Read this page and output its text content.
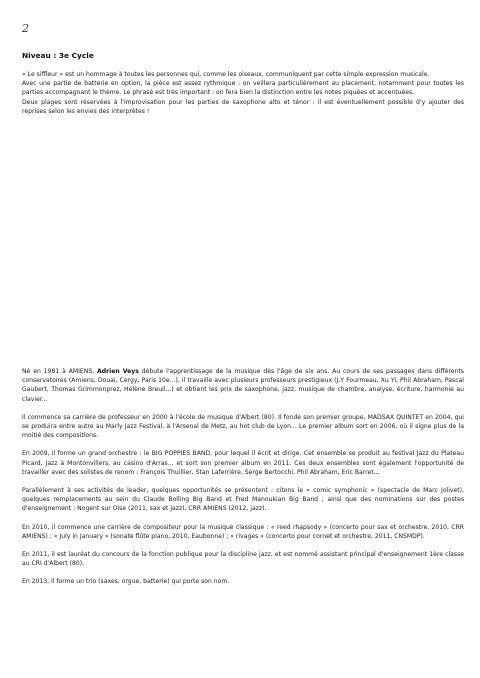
2
Niveau : 3e Cycle

« Le siffleur » est un hommage à toutes les personnes qui, comme les oiseaux, communiquent par cette simple expression musicale.

Avec une partie de batterie en option, la pièce est assez rythmique : on veillera particulièrement au placement, notamment pour toutes les parties accompagnant le thème. Le phrasé est très important : on fera bien la distinction entre les notes piquées et accentuées.

Deux plages sont réservées à l'improvisation pour les parties de saxophone alto et ténor : il est éventuellement possible d'y ajouter des reprises selon les envies des interprètes !

Né en 1981 à AMIENS, Adrien Veys débute l'apprentissage de la musique dès l'âge de six ans. Au cours de ses passages dans différents conservatoires (Amiens, Douai, Cergy, Paris 10e...), il travaille avec plusieurs professeurs prestigieux (J.Y Fourmeau, Xu Yi, Phil Abraham, Pascal Gaubert, Thomas Grimmonprez, Hélène Breuil...) et obtient les prix de saxophone, jazz, musique de chambre, analyse, écriture, harmonie au clavier...

Il commence sa carrière de professeur en 2000 à l'école de musique d'Albert (80). Il fonde son premier groupe, MADSAX QUINTET en 2004, qui se produira entre autre au Marly Jazz Festival, à l'Arsenal de Metz, au hot club de Lyon... Le premier album sort en 2006, où il signe plus de la moitié des compositions.

En 2009, il forme un grand orchestre : le BIG POPPIES BAND, pour lequel il écrit et dirige. Cet ensemble se produit au festival Jazz du Plateau Picard, Jazz à Montonvillers, au casino d'Arras... et sort son premier album en 2011. Ces deux ensembles sont également l'opportunité de travailler avec des solistes de renom : François Thuillier, Stan Laferrière, Serge Bertocchi, Phil Abraham, Eric Barret...

Parallèlement à ses activités de leader, quelques opportunités se présentent : citons le « comic symphonic » (spectacle de Marc Jolivet), quelques remplacements au sein du Claude Bolling Big Band et Fred Manoukian Big Band ; ainsi que des nominations sur des postes d'enseignement : Nogent sur Oise (2011, sax et jazz), CRR AMIENS (2012, jazz).

En 2010, il commence une carrière de compositeur pour la musique classique : « reed rhapsody » (concerto pour sax et orchestre, 2010, CRR AMIENS) ; « July in January » (sonate flûte piano, 2010, Eaubonne) ; « rivages » (concerto pour cornet et orchestre, 2011, CNSMDP).

En 2011, il est lauréat du concours de la fonction publique pour la discipline jazz, et est nommé assistant principal d'enseignement 1ère classe au CRI d'Albert (80).

En 2013, il forme un trio (saxes, orgue, batterie) qui porte son nom.
